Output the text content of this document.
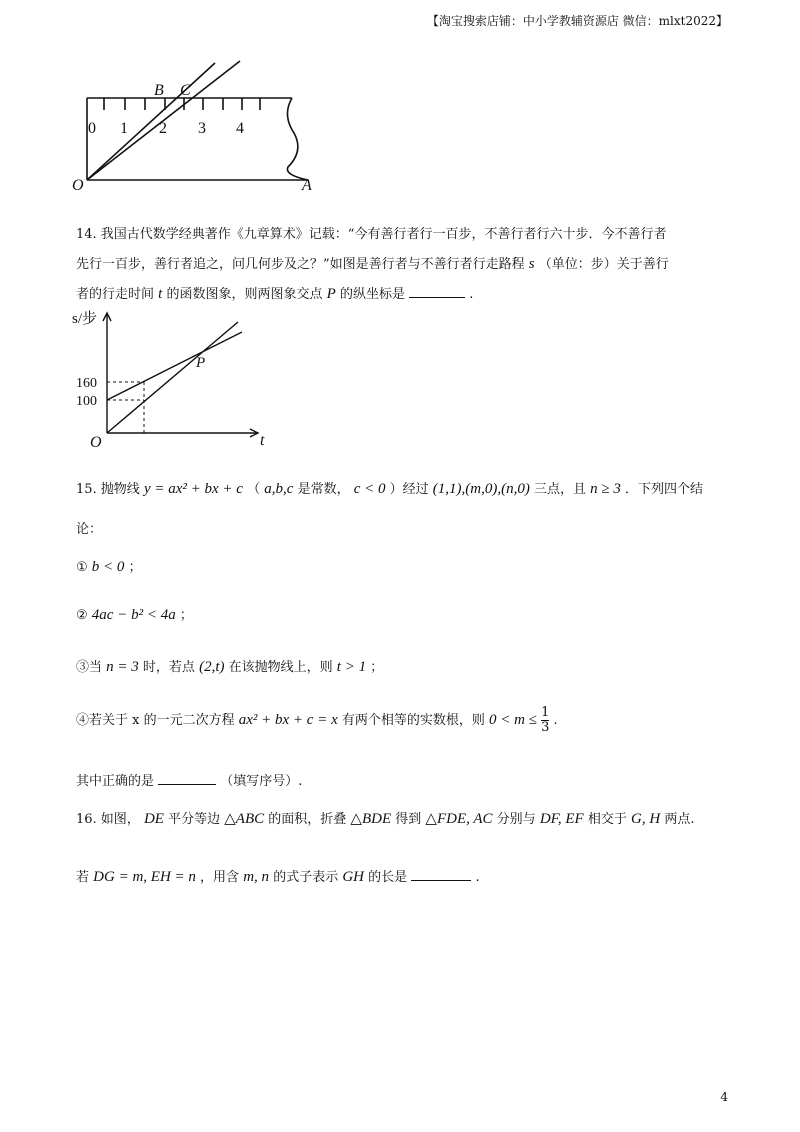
【淘宝搜索店铺：中小学教辅资源店 微信：mlxt2022】
0 1 2 3 4
B C
O	A
14. 我国古代数学经典著作《九章算术》记载：“今有善行者行一百步，不善行者行六十步．今不善行者
先行一百步，善行者追之，问几何步及之？”如图是善行者与不善行者行走路程 s （单位：步）关于善行
者的行走时间 t 的函数图象，则两图象交点 P 的纵坐标是	.
s/步
t
O
P
160
100
15. 抛物线 y = ax² + bx + c （ a,b,c 是常数， c < 0 ）经过 (1,1),(m,0),(n,0) 三点，且 n ≥ 3 ．下列四个结
论：
① b < 0 ；
② 4ac − b² < 4a ；
③当 n = 3 时，若点 (2,t) 在该抛物线上，则 t > 1 ；
④若关于 x 的一元二次方程 ax² + bx + c = x 有两个相等的实数根，则 $0 < m \le \frac{1}{3}$ .
其中正确的是	（填写序号）.
16. 如图， DE 平分等边 △ABC 的面积，折叠 △BDE 得到 △FDE, AC 分别与 DF, EF 相交于 G, H 两点.
若 DG = m, EH = n ，用含 m, n 的式子表示 GH 的长是	.
4
